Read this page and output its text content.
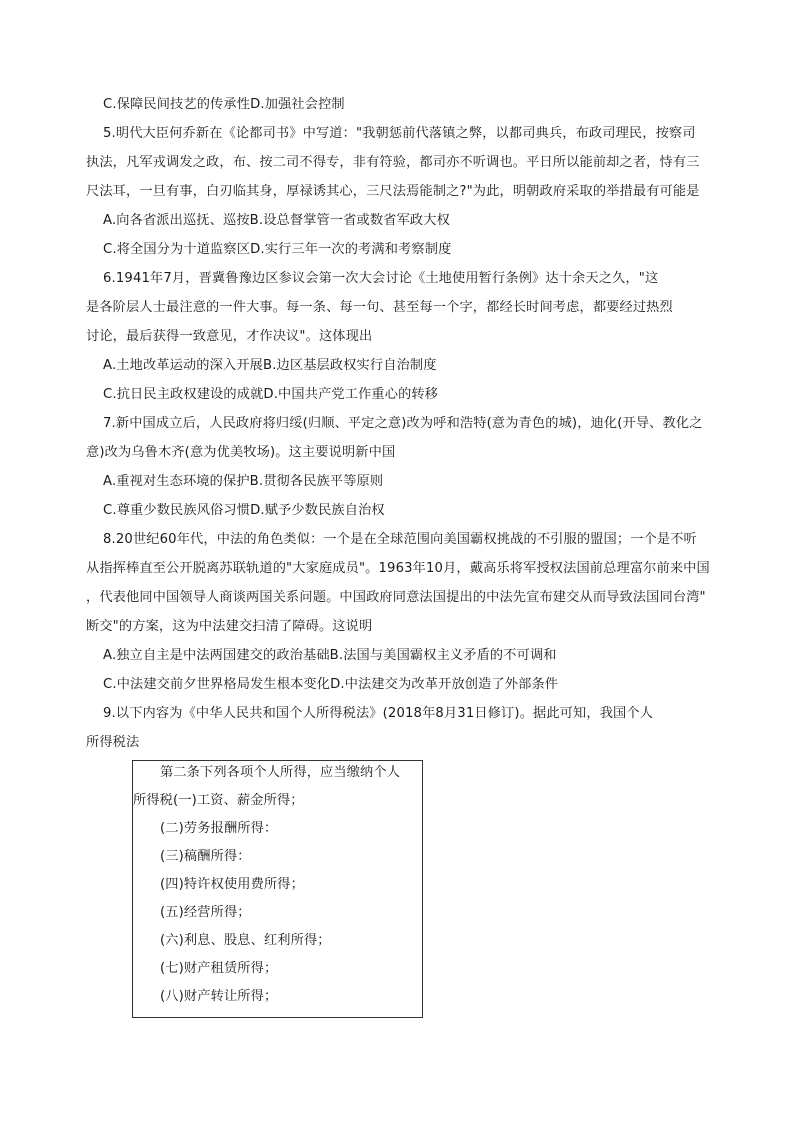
C.保障民间技艺的传承性D.加强社会控制
5.明代大臣何乔新在《论都司书》中写道："我朝惩前代落镇之弊，以都司典兵，布政司理民，按察司
执法，凡军戎调发之政，布、按二司不得专，非有符验，都司亦不听调也。平日所以能前却之者，恃有三
尺法耳，一旦有事，白刃临其身，厚禄诱其心，三尺法焉能制之?"为此，明朝政府采取的举措最有可能是
A.向各省派出巡抚、巡按B.设总督掌管一省或数省军政大权
C.将全国分为十道监察区D.实行三年一次的考满和考察制度
6.1941年7月，晋冀鲁豫边区参议会第一次大会讨论《土地使用暂行条例》达十余天之久，"这
是各阶层人士最注意的一件大事。每一条、每一句、甚至每一个字，都经长时间考虑，都要经过热烈
讨论，最后获得一致意见，才作决议"。这体现出
A.土地改革运动的深入开展B.边区基层政权实行自治制度
C.抗日民主政权建设的成就D.中国共产党工作重心的转移
7.新中国成立后，人民政府将归绥(归顺、平定之意)改为呼和浩特(意为青色的城)，迪化(开导、教化之
意)改为乌鲁木齐(意为优美牧场)。这主要说明新中国
A.重视对生态环境的保护B.贯彻各民族平等原则
C.尊重少数民族风俗习惯D.赋予少数民族自治权
8.20世纪60年代，中法的角色类似：一个是在全球范围向美国霸权挑战的不引服的盟国；一个是不听
从指挥棒直至公开脱离苏联轨道的"大家庭成员"。1963年10月，戴高乐将军授权法国前总理富尔前来中国
，代表他同中国领导人商谈两国关系问题。中国政府同意法国提出的中法先宣布建交从而导致法国同台湾"
断交"的方案，这为中法建交扫清了障碍。这说明
A.独立自主是中法两国建交的政治基础B.法国与美国霸权主义矛盾的不可调和
C.中法建交前夕世界格局发生根本变化D.中法建交为改革开放创造了外部条件
9.以下内容为《中华人民共和国个人所得税法》(2018年8月31日修订)。据此可知，我国个人
所得税法
第二条下列各项个人所得，应当缴纳个人
所得税(一)工资、薪金所得；
(二)劳务报酬所得：
(三)稿酬所得：
(四)特许权使用费所得；
(五)经营所得；
(六)利息、股息、红利所得；
(七)财产租赁所得；
(八)财产转让所得；
